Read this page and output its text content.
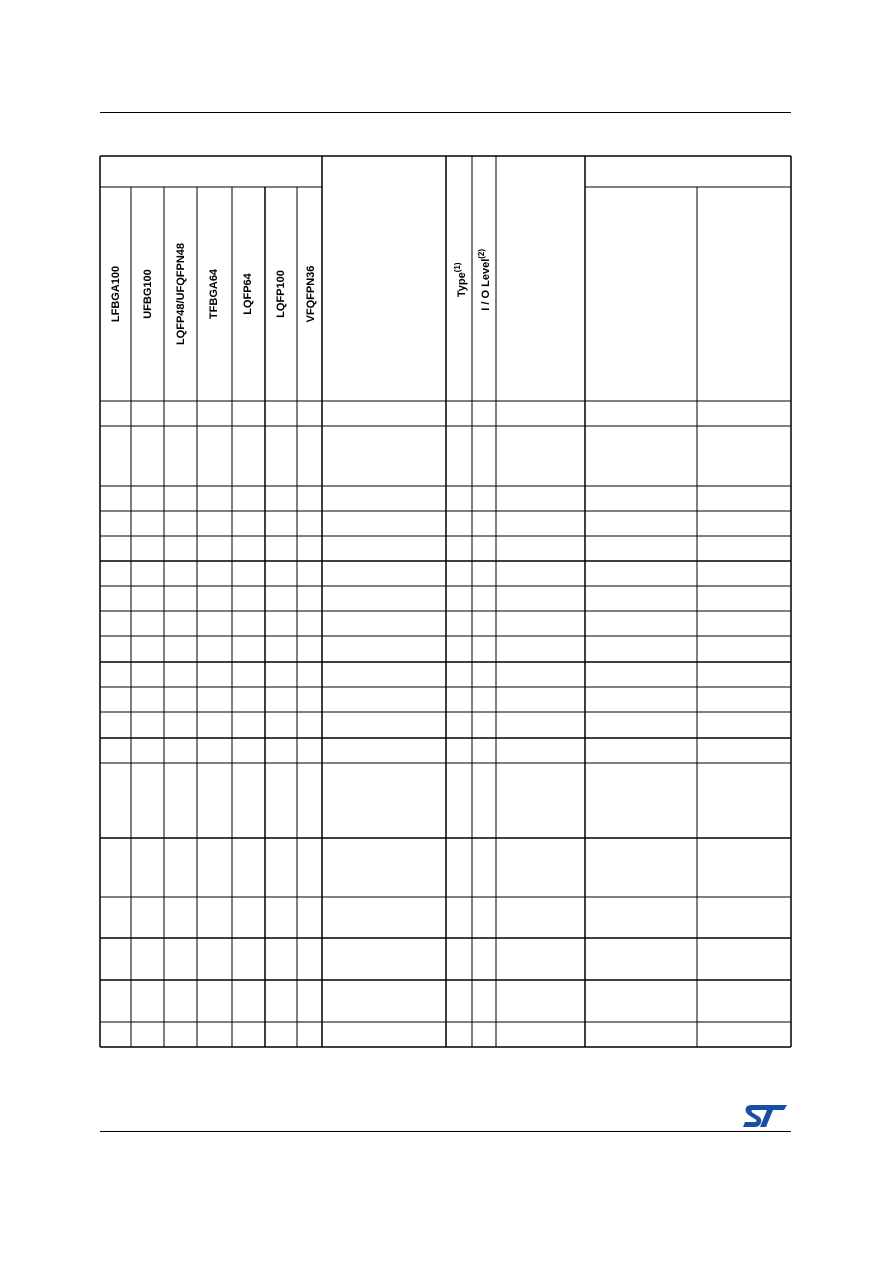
LFBGA100 UFBG100 LQFP48/UFQFPN48 TFBGA64 LQFP64 LQFP100 VFQFPN36	Type$^{(1)}$	I / O Level$^{(2)}$
